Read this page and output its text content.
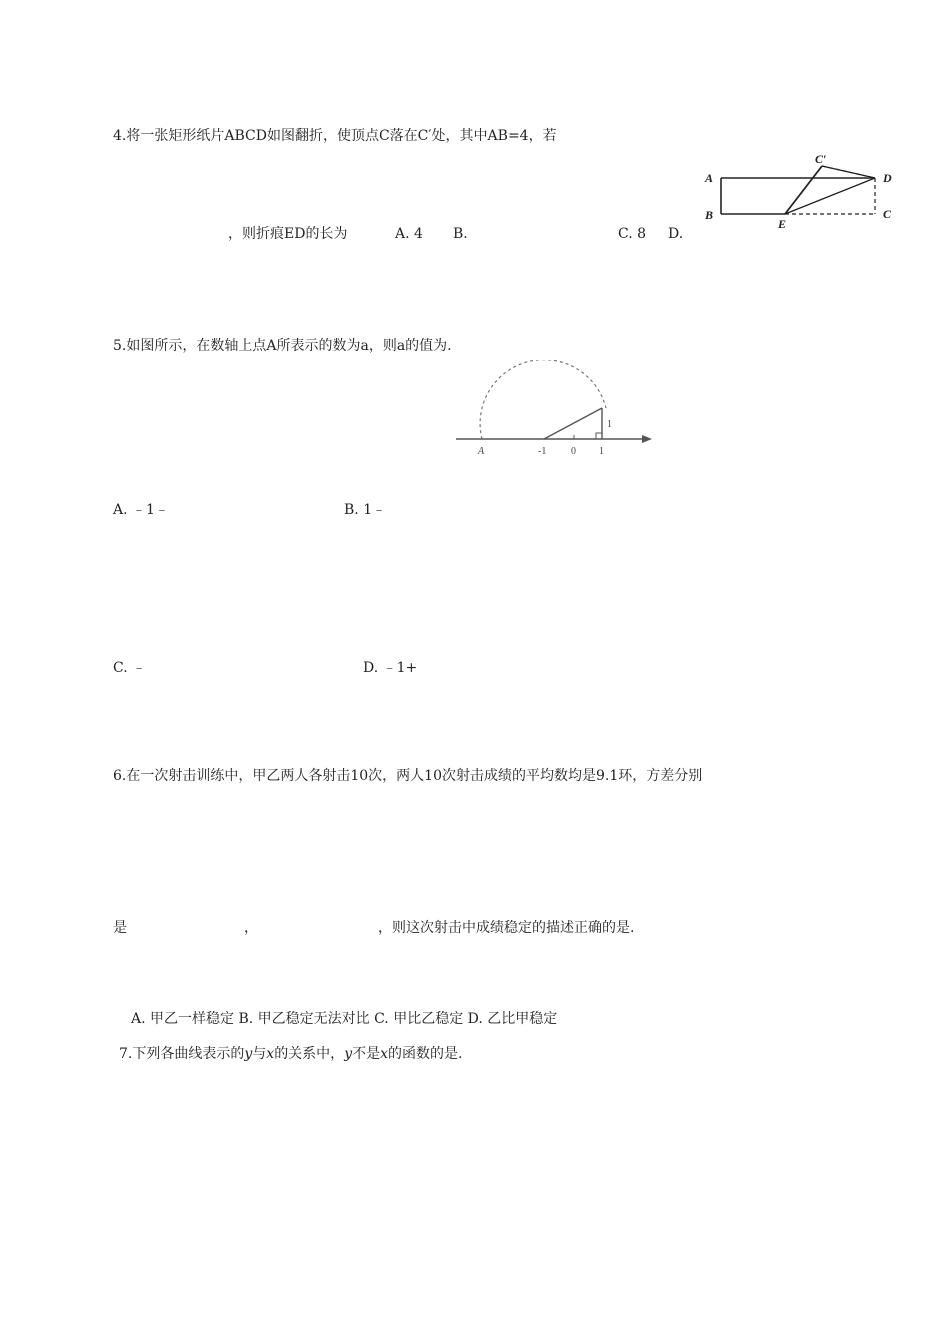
4.将一张矩形纸片ABCD如图翻折，使顶点C落在C′处，其中AB=4，若
A
B
E
C
D
C′
，则折痕ED的长为	A. 4 B.	C. 8 D.
5.如图所示，在数轴上点A所表示的数为a，则a的值为.
A	-1 0 1
1
A. ﹣1﹣	B. 1﹣
C. ﹣	D. ﹣1+
6.在一次射击训练中，甲乙两人各射击10次，两人10次射击成绩的平均数均是9.1环，方差分别
是	，	，则这次射击中成绩稳定的描述正确的是.
A. 甲乙一样稳定 B. 甲乙稳定无法对比 C. 甲比乙稳定 D. 乙比甲稳定
7.下列各曲线表示的y与x的关系中，y不是x的函数的是.
